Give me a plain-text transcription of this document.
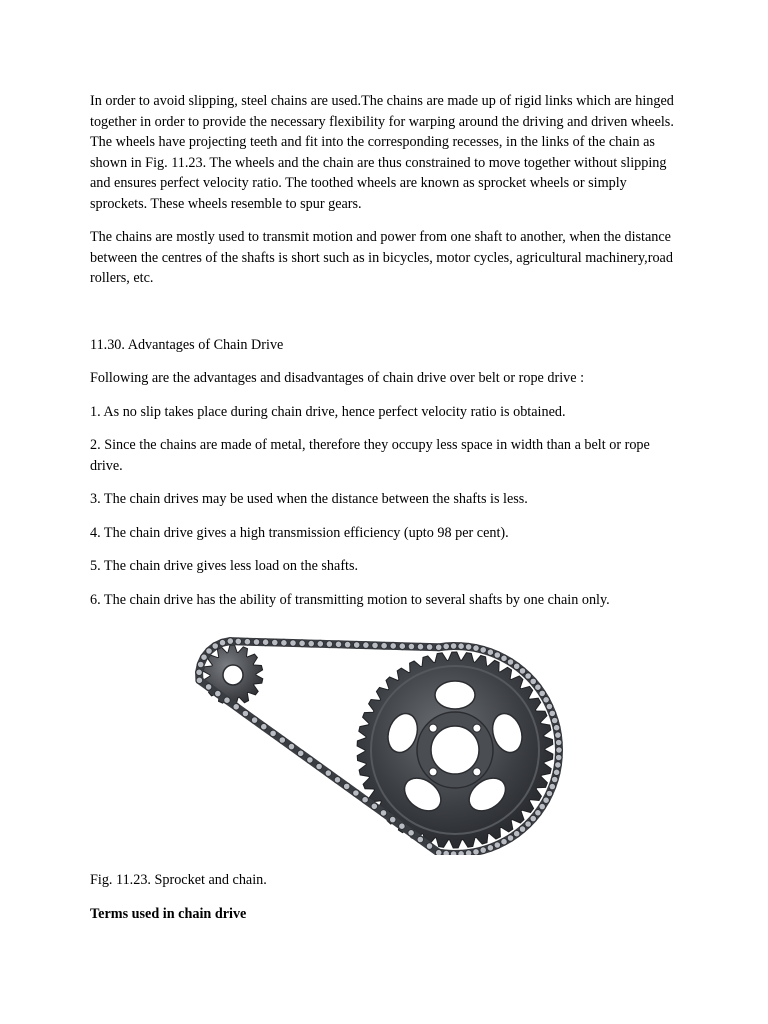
In order to avoid slipping, steel chains are used.The chains are made up of rigid links which are hinged together in order to provide the necessary flexibility for warping around the driving and driven wheels. The wheels have projecting teeth and fit into the corresponding recesses, in the links of the chain as shown in Fig. 11.23. The wheels and the chain are thus constrained to move together without slipping and ensures perfect velocity ratio. The toothed wheels are known as sprocket wheels or simply sprockets. These wheels resemble to spur gears.

The chains are mostly used to transmit motion and power from one shaft to another, when the distance between the centres of the shafts is short such as in bicycles, motor cycles, agricultural machinery,road rollers, etc.

11.30. Advantages of Chain Drive

Following are the advantages and disadvantages of chain drive over belt or rope drive :

1. As no slip takes place during chain drive, hence perfect velocity ratio is obtained.

2. Since the chains are made of metal, therefore they occupy less space in width than a belt or rope drive.

3. The chain drives may be used when the distance between the shafts is less.

4. The chain drive gives a high transmission efficiency (upto 98 per cent).

5. The chain drive gives less load on the shafts.

6. The chain drive has the ability of transmitting motion to several shafts by one chain only.

Fig. 11.23. Sprocket and chain.

Terms used in chain drive
